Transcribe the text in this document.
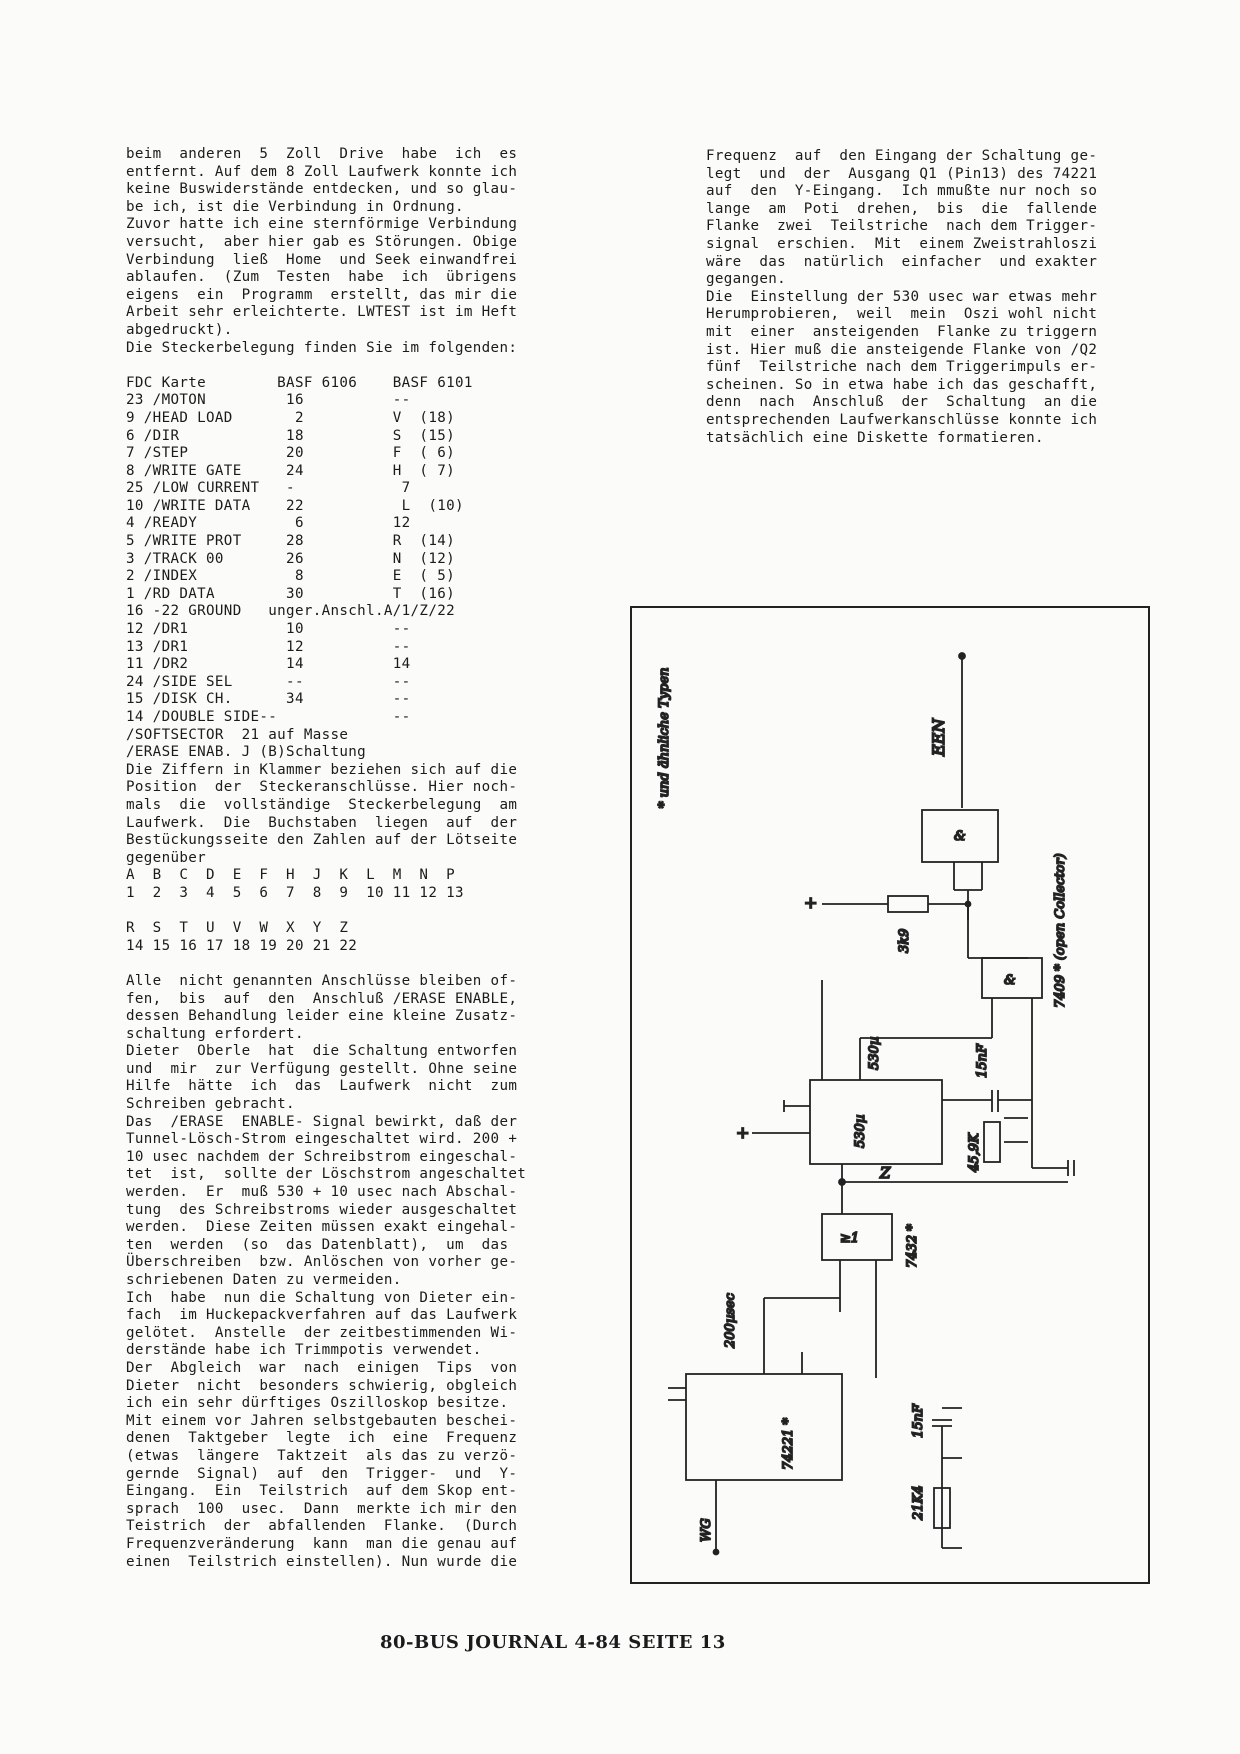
beim  anderen  5  Zoll  Drive  habe  ich  es
entfernt. Auf dem 8 Zoll Laufwerk konnte ich
keine Buswiderstände entdecken, und so glau-
be ich, ist die Verbindung in Ordnung.
Zuvor hatte ich eine sternförmige Verbindung
versucht,  aber hier gab es Störungen. Obige
Verbindung  ließ  Home  und Seek einwandfrei
ablaufen.  (Zum  Testen  habe  ich  übrigens
eigens  ein  Programm  erstellt, das mir die
Arbeit sehr erleichterte. LWTEST ist im Heft
abgedruckt).
Die Steckerbelegung finden Sie im folgenden:
FDC Karte        BASF 6106    BASF 6101
23 /MOTON         16          --
9 /HEAD LOAD       2          V  (18)
6 /DIR            18          S  (15)
7 /STEP           20          F  ( 6)
8 /WRITE GATE     24          H  ( 7)
25 /LOW CURRENT   -            7
10 /WRITE DATA    22           L  (10)
4 /READY           6          12
5 /WRITE PROT     28          R  (14)
3 /TRACK 00       26          N  (12)
2 /INDEX           8          E  ( 5)
1 /RD DATA        30          T  (16)
16 -22 GROUND   unger.Anschl.A/1/Z/22
12 /DR1           10          --
13 /DR1           12          --
11 /DR2           14          14
24 /SIDE SEL      --          --
15 /DISK CH.      34          --
14 /DOUBLE SIDE--             --
/SOFTSECTOR  21 auf Masse
/ERASE ENAB. J (B)Schaltung
Die Ziffern in Klammer beziehen sich auf die
Position  der  Steckeranschlüsse. Hier noch-
mals  die  vollständige  Steckerbelegung  am
Laufwerk.  Die  Buchstaben  liegen  auf  der
Bestückungsseite den Zahlen auf der Lötseite
gegenüber
A  B  C  D  E  F  H  J  K  L  M  N  P
1  2  3  4  5  6  7  8  9  10 11 12 13
R  S  T  U  V  W  X  Y  Z
14 15 16 17 18 19 20 21 22
Alle  nicht genannten Anschlüsse bleiben of-
fen,  bis  auf  den  Anschluß /ERASE ENABLE,
dessen Behandlung leider eine kleine Zusatz-
schaltung erfordert.
Dieter  Oberle  hat  die Schaltung entworfen
und  mir  zur Verfügung gestellt. Ohne seine
Hilfe  hätte  ich  das  Laufwerk  nicht  zum
Schreiben gebracht.
Das  /ERASE  ENABLE- Signal bewirkt, daß der
Tunnel-Lösch-Strom eingeschaltet wird. 200 +
10 usec nachdem der Schreibstrom eingeschal-
tet  ist,  sollte der Löschstrom angeschaltet
werden.  Er  muß 530 + 10 usec nach Abschal-
tung  des Schreibstroms wieder ausgeschaltet
werden.  Diese Zeiten müssen exakt eingehal-
ten  werden  (so  das Datenblatt),  um  das
Überschreiben  bzw. Anlöschen von vorher ge-
schriebenen Daten zu vermeiden.
Ich  habe  nun die Schaltung von Dieter ein-
fach  im Huckepackverfahren auf das Laufwerk
gelötet.  Anstelle  der zeitbestimmenden Wi-
derstände habe ich Trimmpotis verwendet.
Der  Abgleich  war  nach  einigen  Tips  von
Dieter  nicht  besonders schwierig, obgleich
ich ein sehr dürftiges Oszilloskop besitze.
Mit einem vor Jahren selbstgebauten beschei-
denen  Taktgeber  legte  ich  eine  Frequenz
(etwas  längere  Taktzeit  als das zu verzö-
gernde  Signal)  auf  den  Trigger-  und  Y-
Eingang.  Ein  Teilstrich  auf dem Skop ent-
sprach  100  usec.  Dann  merkte ich mir den
Teistrich  der  abfallenden  Flanke.  (Durch
Frequenzveränderung  kann  man die genau auf
einen  Teilstrich einstellen). Nun wurde die
Frequenz  auf  den Eingang der Schaltung ge-
legt  und  der  Ausgang Q1 (Pin13) des 74221
auf  den  Y-Eingang.  Ich mmußte nur noch so
lange  am  Poti  drehen,  bis  die  fallende
Flanke  zwei  Teilstriche  nach dem Trigger-
signal  erschien.  Mit  einem Zweistrahloszi
wäre  das  natürlich  einfacher  und exakter
gegangen.
Die  Einstellung der 530 usec war etwas mehr
Herumprobieren,  weil  mein  Oszi wohl nicht
mit  einer  ansteigenden  Flanke zu triggern
ist. Hier muß die ansteigende Flanke von /Q2
fünf  Teilstriche nach dem Triggerimpuls er-
scheinen. So in etwa habe ich das geschafft,
denn  nach  Anschluß  der  Schaltung  an die
entsprechenden Laufwerkanschlüsse konnte ich
tatsächlich eine Diskette formatieren.
* und ähnliche Typen	EEN
&
+
3k9
&	7409 * (open Collector)
530µ
530µ
+
15nF
45,9K
Z
≥1	7432 *
200µsec
74221 *
WG
15nF
21K4
80-BUS JOURNAL 4-84 SEITE 13
